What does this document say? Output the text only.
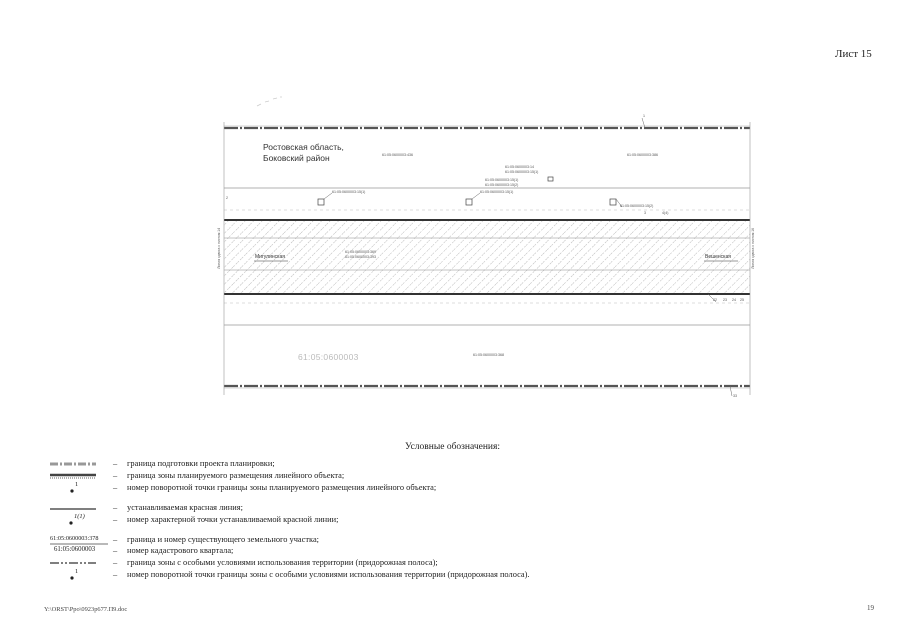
Лист 15
Ростовская область,
Боковский район	61:05:0600003:436	61:05:0600003:386
61:05:0600003:14
61:05:0600003:15(1)
61:05:0600003:15(1)
61:05:0600003:15(2)
61:05:0600003:15(1)	61:05:0600003:15(1)
61:05:0600003:15(2)
61:05:0600003:369
61:05:0600003:393
61:05:0600003:368
61:05:0600003
Мигулинская	Вешенская
Линия сдвига с листом 14	Линия сдвига с листом 16
1
2
3	4(4)
22 23 24 25
33
Условные обозначения:
– граница подготовки проекта планировки;
– граница зоны планируемого размещения линейного объекта;
1	– номер поворотной точки границы зоны планируемого размещения линейного объекта;
– устанавливаемая красная линия;
1(1)	– номер характерной точки устанавливаемой красной линии;
61:05:0600003:378 – граница и номер существующего земельного участка;
61:05:0600003 – номер кадастрового квартала;
– граница зоны с особыми условиями использования территории (придорожная полоса);
1	– номер поворотной точки границы зоны с особыми условиями использования территории (придорожная полоса).
Y:\ORST\Ppo\0923р677.П9.doc	19
